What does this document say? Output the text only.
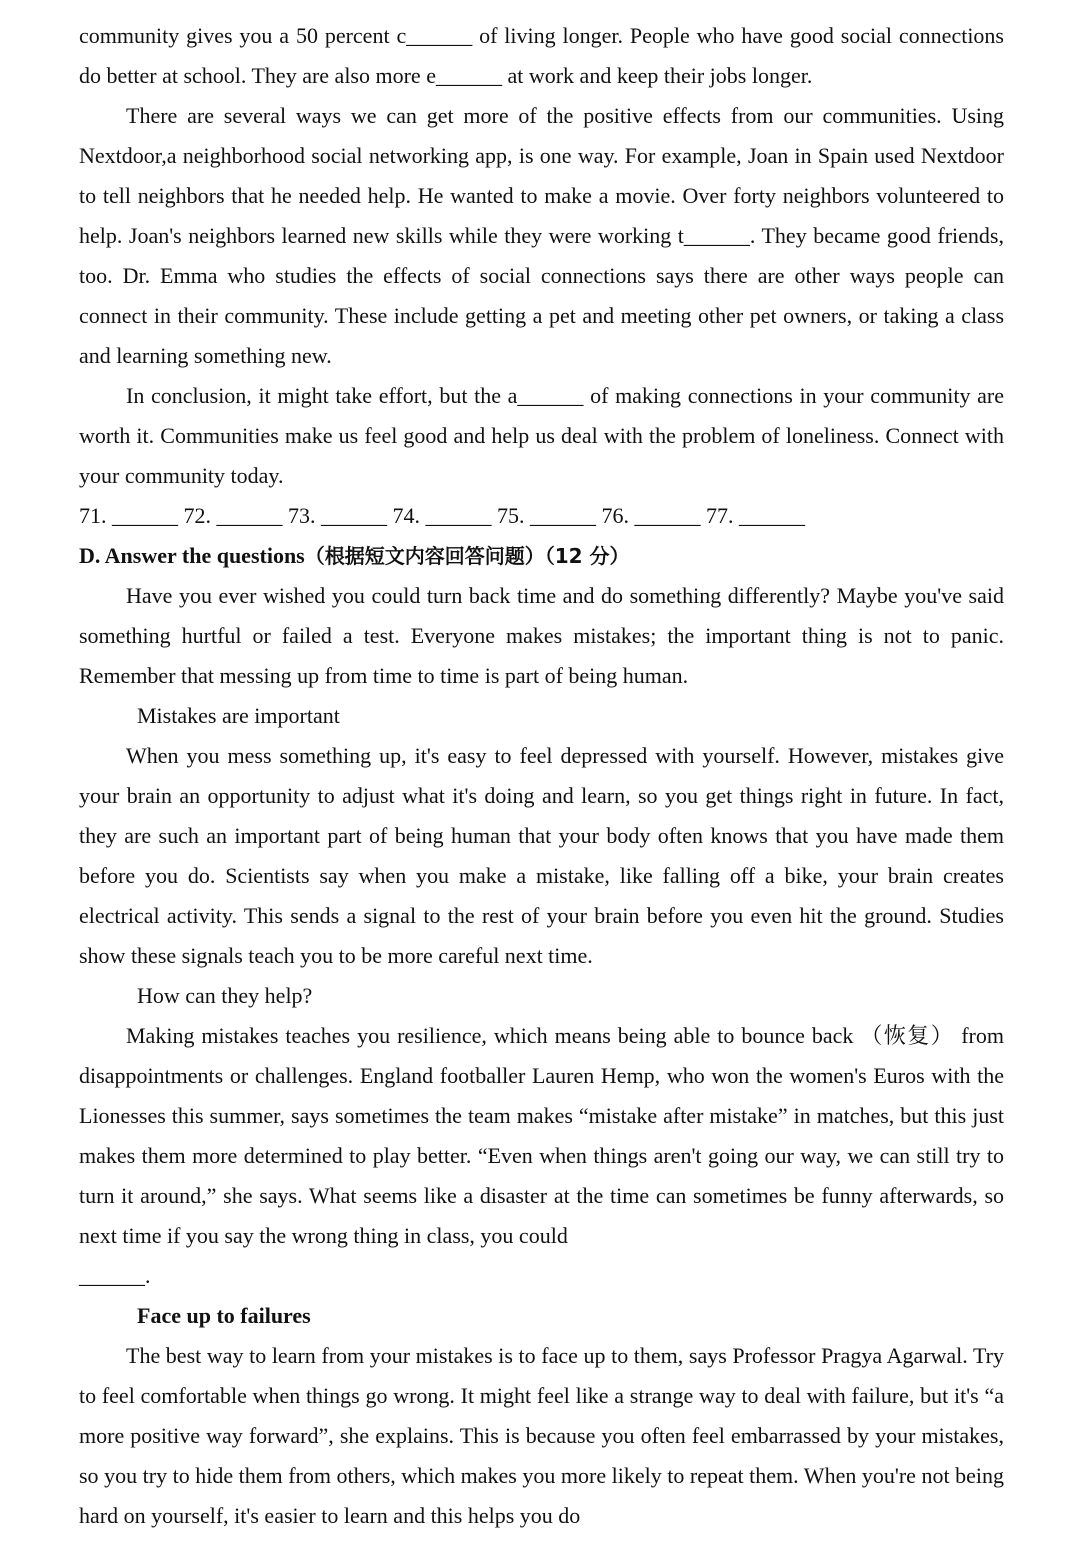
community gives you a 50 percent c______ of living longer. People who have good social connections do better at school. They are also more e______ at work and keep their jobs longer.

There are several ways we can get more of the positive effects from our communities. Using Nextdoor,a neighborhood social networking app, is one way. For example, Joan in Spain used Nextdoor to tell neighbors that he needed help. He wanted to make a movie. Over forty neighbors volunteered to help. Joan's neighbors learned new skills while they were working t______. They became good friends, too. Dr. Emma who studies the effects of social connections says there are other ways people can connect in their community. These include getting a pet and meeting other pet owners, or taking a class and learning something new.

In conclusion, it might take effort, but the a______ of making connections in your community are worth it. Communities make us feel good and help us deal with the problem of loneliness. Connect with your community today.

71. ______ 72. ______ 73. ______ 74. ______ 75. ______ 76. ______ 77. ______

D. Answer the questions（根据短文内容回答问题）（12 分）

Have you ever wished you could turn back time and do something differently? Maybe you've said something hurtful or failed a test. Everyone makes mistakes; the important thing is not to panic. Remember that messing up from time to time is part of being human.

Mistakes are important

When you mess something up, it's easy to feel depressed with yourself. However, mistakes give your brain an opportunity to adjust what it's doing and learn, so you get things right in future. In fact, they are such an important part of being human that your body often knows that you have made them before you do. Scientists say when you make a mistake, like falling off a bike, your brain creates electrical activity. This sends a signal to the rest of your brain before you even hit the ground. Studies show these signals teach you to be more careful next time.

How can they help?

Making mistakes teaches you resilience, which means being able to bounce back （恢复） from disappointments or challenges. England footballer Lauren Hemp, who won the women's Euros with the Lionesses this summer, says sometimes the team makes “mistake after mistake” in matches, but this just makes them more determined to play better. “Even when things aren't going our way, we can still try to turn it around,” she says. What seems like a disaster at the time can sometimes be funny afterwards, so next time if you say the wrong thing in class, you could

______.

Face up to failures

The best way to learn from your mistakes is to face up to them, says Professor Pragya Agarwal. Try to feel comfortable when things go wrong. It might feel like a strange way to deal with failure, but it's “a more positive way forward”, she explains. This is because you often feel embarrassed by your mistakes, so you try to hide them from others, which makes you more likely to repeat them. When you're not being hard on yourself, it's easier to learn and this helps you do
